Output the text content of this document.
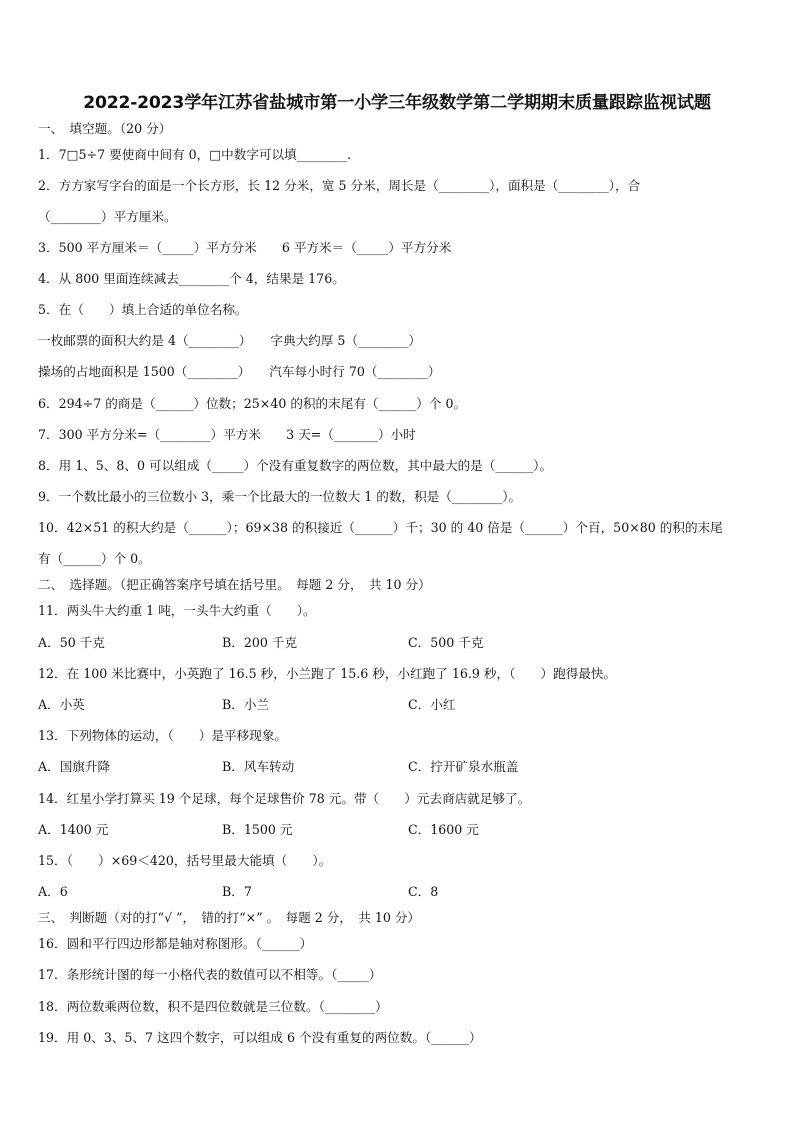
2022-2023学年江苏省盐城市第一小学三年级数学第二学期期末质量跟踪监视试题
一、　填空题。（20 分）
1．7□5÷7 要使商中间有 0，□中数字可以填________.
2．方方家写字台的面是一个长方形，长 12 分米，宽 5 分米，周长是（________），面积是（________），合
（________）平方厘米。
3．500 平方厘米＝（_____）平方分米　　6 平方米＝（_____）平方分米
4．从 800 里面连续减去________个 4，结果是 176。
5．在（　　）填上合适的单位名称。
一枚邮票的面积大约是 4（________）　　字典大约厚 5（________）
操场的占地面积是 1500（________）　　汽车每小时行 70（________）
6．294÷7 的商是（______）位数；25×40 的积的末尾有（______）个 0。
7．300 平方分米=（________）平方米　　3 天=（_______）小时
8．用 1、5、8、0 可以组成（_____）个没有重复数字的两位数，其中最大的是（______）。
9．一个数比最小的三位数小 3，乘一个比最大的一位数大 1 的数，积是（________）。
10．42×51 的积大约是（______）；69×38 的积接近（______）千；30 的 40 倍是（______）个百，50×80 的积的末尾
有（______）个 0。
二、　选择题。（把正确答案序号填在括号里。　每题 2 分，　共 10 分）
11．两头牛大约重 1 吨，一头牛大约重（　　）。
A．50 千克	B．200 千克	C．500 千克
12．在 100 米比赛中，小英跑了 16.5 秒，小兰跑了 15.6 秒，小红跑了 16.9 秒，（　　）跑得最快。
A．小英	B．小兰	C．小红
13．下列物体的运动，（　　）是平移现象。
A．国旗升降	B．风车转动	C．拧开矿泉水瓶盖
14．红星小学打算买 19 个足球，每个足球售价 78 元。带（　　）元去商店就足够了。
A．1400 元	B．1500 元	C．1600 元
15．（　　）×69＜420，括号里最大能填（　　）。
A．6	B．7	C．8
三、　判断题（对的打“√ ”，　错的打“×” 。　每题 2 分，　共 10 分）
16．圆和平行四边形都是轴对称图形。（______）
17．条形统计图的每一小格代表的数值可以不相等。（_____）
18．两位数乘两位数，积不是四位数就是三位数。（________）
19．用 0、3、5、7 这四个数字，可以组成 6 个没有重复的两位数。（______）
